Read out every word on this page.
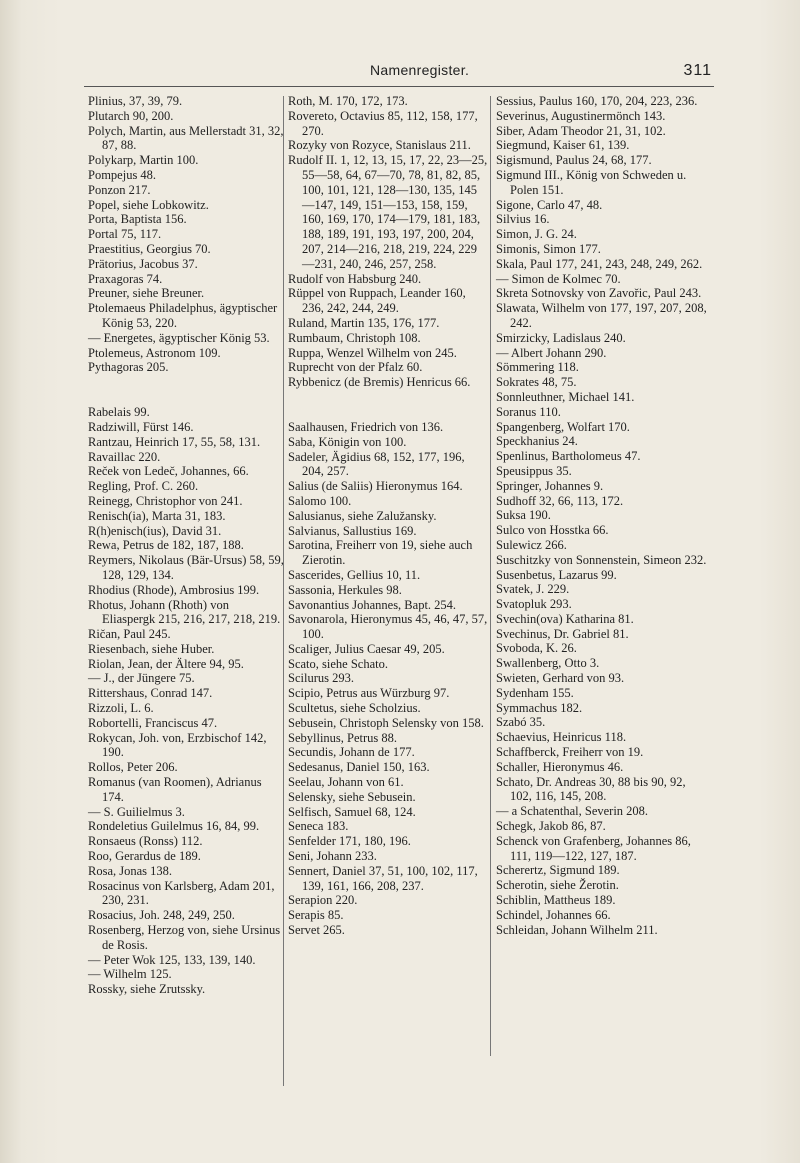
Namenregister.	311

Plinius, 37, 39, 79.

Plutarch 90, 200.

Polych, Martin, aus Mellerstadt 31, 32, 87, 88.

Polykarp, Martin 100.

Pompejus 48.

Ponzon 217.

Popel, siehe Lobkowitz.

Porta, Baptista 156.

Portal 75, 117.

Praestitius, Georgius 70.

Prätorius, Jacobus 37.

Praxagoras 74.

Preuner, siehe Breuner.

Ptolemaeus Philadelphus, ägyptischer König 53, 220.

— Energetes, ägyptischer König 53.

Ptolemeus, Astronom 109.

Pythagoras 205.

Rabelais 99.

Radziwill, Fürst 146.

Rantzau, Heinrich 17, 55, 58, 131.

Ravaillac 220.

Reček von Ledeč, Johannes, 66.

Regling, Prof. C. 260.

Reinegg, Christophor von 241.

Renisch(ia), Marta 31, 183.

R(h)enisch(ius), David 31.

Rewa, Petrus de 182, 187, 188.

Reymers, Nikolaus (Bär-Ursus) 58, 59, 128, 129, 134.

Rhodius (Rhode), Ambrosius 199.

Rhotus, Johann (Rhoth) von Eliaspergk 215, 216, 217, 218, 219.

Ričan, Paul 245.

Riesenbach, siehe Huber.

Riolan, Jean, der Ältere 94, 95.

— J., der Jüngere 75.

Rittershaus, Conrad 147.

Rizzoli, L. 6.

Robortelli, Franciscus 47.

Rokycan, Joh. von, Erzbischof 142, 190.

Rollos, Peter 206.

Romanus (van Roomen), Adrianus 174.

— S. Guilielmus 3.

Rondeletius Guilelmus 16, 84, 99.

Ronsaeus (Ronss) 112.

Roo, Gerardus de 189.

Rosa, Jonas 138.

Rosacinus von Karlsberg, Adam 201, 230, 231.

Rosacius, Joh. 248, 249, 250.

Rosenberg, Herzog von, siehe Ursinus de Rosis.

— Peter Wok 125, 133, 139, 140.

— Wilhelm 125.

Rossky, siehe Zrutssky.

Roth, M. 170, 172, 173.

Rovereto, Octavius 85, 112, 158, 177, 270.

Rozyky von Rozyce, Stanislaus 211.

Rudolf II. 1, 12, 13, 15, 17, 22, 23—25, 55—58, 64, 67—70, 78, 81, 82, 85, 100, 101, 121, 128—130, 135, 145—147, 149, 151—153, 158, 159, 160, 169, 170, 174—179, 181, 183, 188, 189, 191, 193, 197, 200, 204, 207, 214—216, 218, 219, 224, 229—231, 240, 246, 257, 258.

Rudolf von Habsburg 240.

Rüppel von Ruppach, Leander 160, 236, 242, 244, 249.

Ruland, Martin 135, 176, 177.

Rumbaum, Christoph 108.

Ruppa, Wenzel Wilhelm von 245.

Ruprecht von der Pfalz 60.

Rybbenicz (de Bremis) Henricus 66.

Saalhausen, Friedrich von 136.

Saba, Königin von 100.

Sadeler, Ägidius 68, 152, 177, 196, 204, 257.

Salius (de Saliis) Hieronymus 164.

Salomo 100.

Salusianus, siehe Zalužansky.

Salvianus, Sallustius 169.

Sarotina, Freiherr von 19, siehe auch Zierotin.

Sascerides, Gellius 10, 11.

Sassonia, Herkules 98.

Savonantius Johannes, Bapt. 254.

Savonarola, Hieronymus 45, 46, 47, 57, 100.

Scaliger, Julius Caesar 49, 205.

Scato, siehe Schato.

Scilurus 293.

Scipio, Petrus aus Würzburg 97.

Scultetus, siehe Scholzius.

Sebusein, Christoph Selensky von 158.

Sebyllinus, Petrus 88.

Secundis, Johann de 177.

Sedesanus, Daniel 150, 163.

Seelau, Johann von 61.

Selensky, siehe Sebusein.

Selfisch, Samuel 68, 124.

Seneca 183.

Senfelder 171, 180, 196.

Seni, Johann 233.

Sennert, Daniel 37, 51, 100, 102, 117, 139, 161, 166, 208, 237.

Serapion 220.

Serapis 85.

Servet 265.

Sessius, Paulus 160, 170, 204, 223, 236.

Severinus, Augustinermönch 143.

Siber, Adam Theodor 21, 31, 102.

Siegmund, Kaiser 61, 139.

Sigismund, Paulus 24, 68, 177.

Sigmund III., König von Schweden u. Polen 151.

Sigone, Carlo 47, 48.

Silvius 16.

Simon, J. G. 24.

Simonis, Simon 177.

Skala, Paul 177, 241, 243, 248, 249, 262.

— Simon de Kolmec 70.

Skreta Sotnovsky von Zavořic, Paul 243.

Slawata, Wilhelm von 177, 197, 207, 208, 242.

Smirzicky, Ladislaus 240.

— Albert Johann 290.

Sömmering 118.

Sokrates 48, 75.

Sonnleuthner, Michael 141.

Soranus 110.

Spangenberg, Wolfart 170.

Speckhanius 24.

Spenlinus, Bartholomeus 47.

Speusippus 35.

Springer, Johannes 9.

Sudhoff 32, 66, 113, 172.

Suksa 190.

Sulco von Hosstka 66.

Sulewicz 266.

Suschitzky von Sonnenstein, Simeon 232.

Susenbetus, Lazarus 99.

Svatek, J. 229.

Svatopluk 293.

Svechin(ova) Katharina 81.

Svechinus, Dr. Gabriel 81.

Svoboda, K. 26.

Swallenberg, Otto 3.

Swieten, Gerhard von 93.

Sydenham 155.

Symmachus 182.

Szabó 35.

Schaevius, Heinricus 118.

Schaffberck, Freiherr von 19.

Schaller, Hieronymus 46.

Schato, Dr. Andreas 30, 88 bis 90, 92, 102, 116, 145, 208.

— a Schatenthal, Severin 208.

Schegk, Jakob 86, 87.

Schenck von Grafenberg, Johannes 86, 111, 119—122, 127, 187.

Scherertz, Sigmund 189.

Scherotin, siehe Žerotin.

Schiblin, Mattheus 189.

Schindel, Johannes 66.

Schleidan, Johann Wilhelm 211.
